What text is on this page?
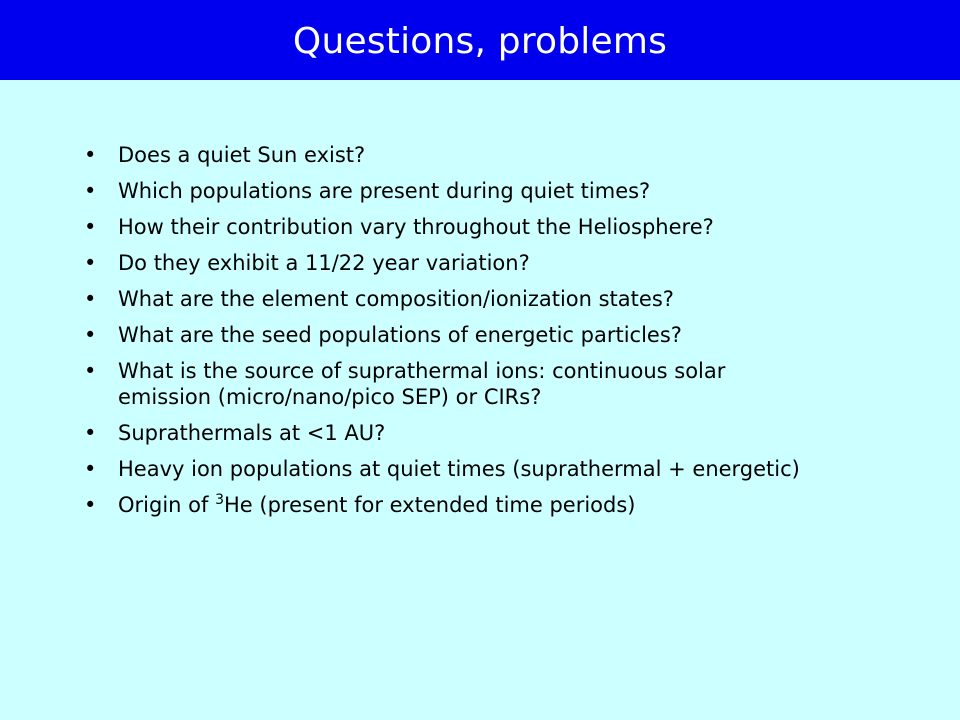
Questions, problems
• Does a quiet Sun exist?
• Which populations are present during quiet times?
• How their contribution vary throughout the Heliosphere?
• Do they exhibit a 11/22 year variation?
• What are the element composition/ionization states?
• What are the seed populations of energetic particles?
• What is the source of suprathermal ions: continuous solar emission (micro/nano/pico SEP) or CIRs?
• Suprathermals at <1 AU?
• Heavy ion populations at quiet times (suprathermal + energetic)
• Origin of $^3$He (present for extended time periods)
